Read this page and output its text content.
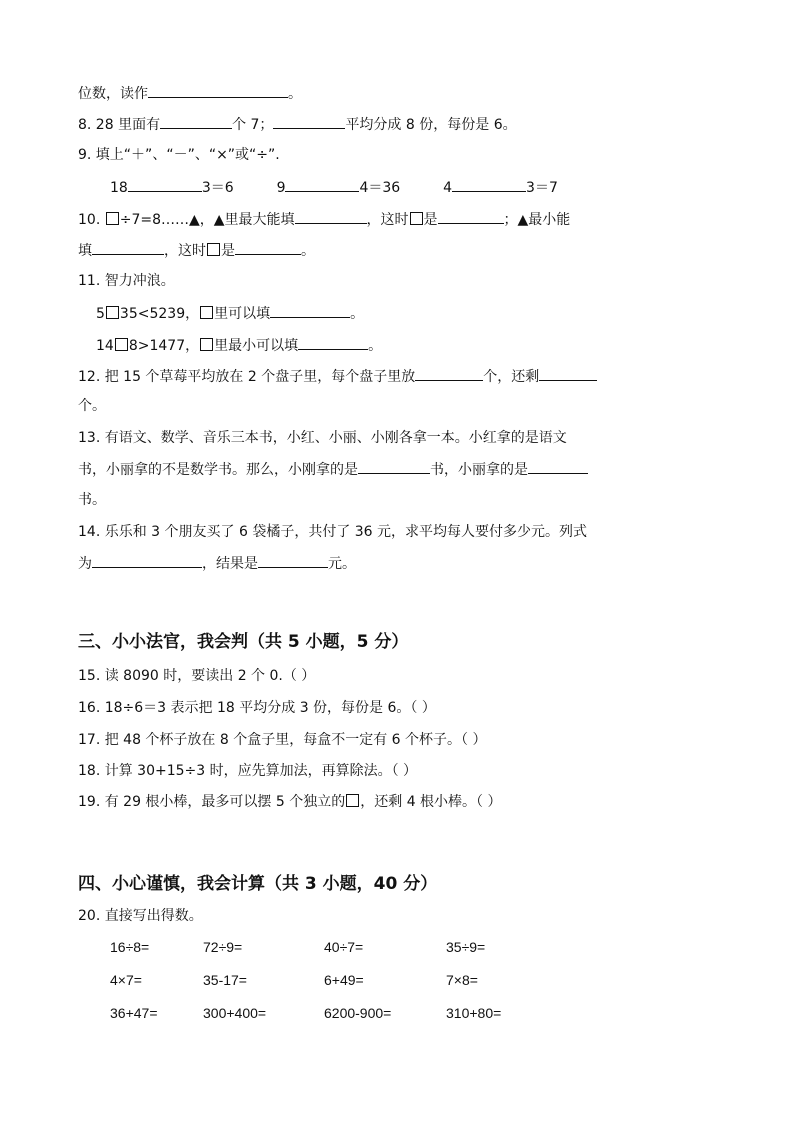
位数，读作	。
8. 28 里面有	个 7；	平均分成 8 份，每份是 6。
9. 填上“＋”、“－”、“×”或“÷”.
18	3＝6	9	4＝36	4	3＝7
10. ÷7=8……▲，▲里最大能填	，这时 是	；▲最小能
填	，这时 是	。
11. 智力冲浪。
5 35<5239， 里可以填	。
14 8>1477， 里最小可以填	。
12. 把 15 个草莓平均放在 2 个盘子里，每个盘子里放	个，还剩
个。
13. 有语文、数学、音乐三本书，小红、小丽、小刚各拿一本。小红拿的是语文
书，小丽拿的不是数学书。那么，小刚拿的是	书，小丽拿的是
书。
14. 乐乐和 3 个朋友买了 6 袋橘子，共付了 36 元，求平均每人要付多少元。列式
为	，结果是	元。
三、小小法官，我会判（共 5 小题，5 分）
15. 读 8090 时，要读出 2 个 0.（ ）
16. 18÷6＝3 表示把 18 平均分成 3 份，每份是 6。（ ）
17. 把 48 个杯子放在 8 个盒子里，每盒不一定有 6 个杯子。（ ）
18. 计算 30+15÷3 时，应先算加法，再算除法。（ ）
19. 有 29 根小棒，最多可以摆 5 个独立的 ，还剩 4 根小棒。（ ）
四、小心谨慎，我会计算（共 3 小题，40 分）
20. 直接写出得数。
16÷8=	72÷9=	40÷7=	35÷9=
4×7=	35-17=	6+49=	7×8=
36+47=	300+400=	6200-900=	310+80=
